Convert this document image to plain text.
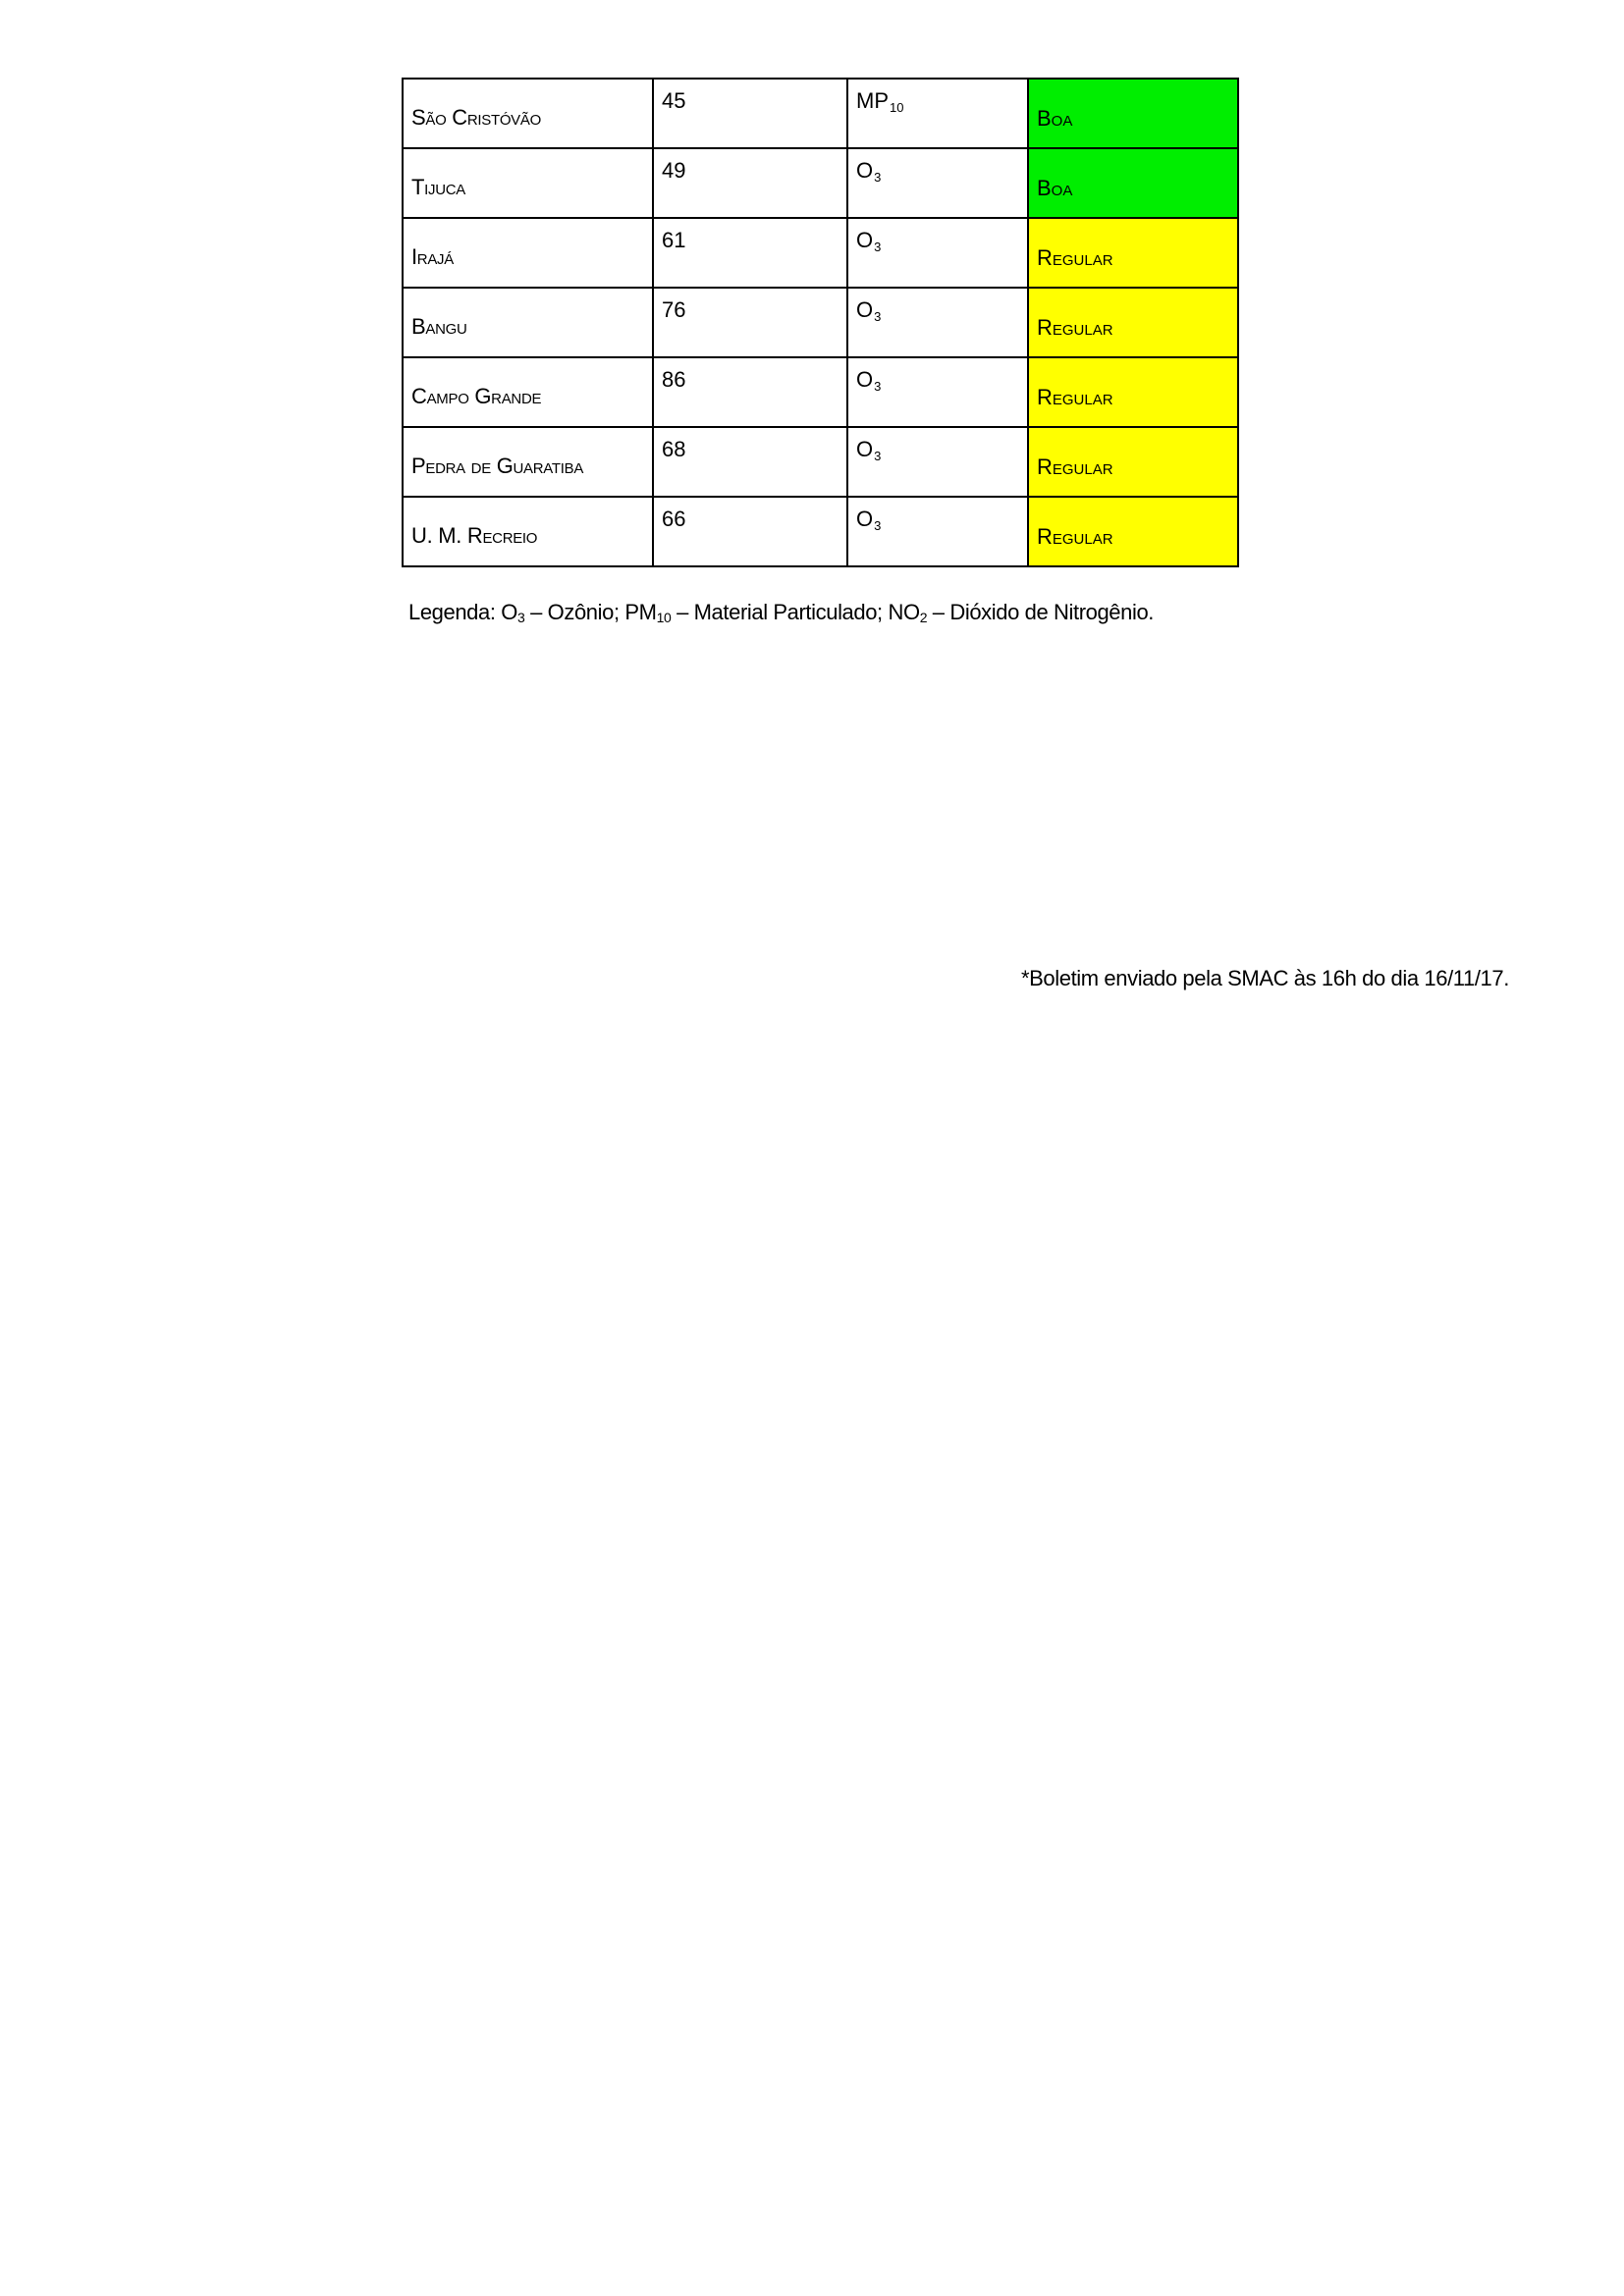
São Cristóvão	45	$MP_{10}$	Boa

Tijuca	49	$O_3$	Boa

Irajá	61	$O_3$	Regular

Bangu	76	$O_3$	Regular

Campo Grande	86	$O_3$	Regular

Pedra de Guaratiba	68	$O_3$	Regular

U. M. Recreio	66	$O_3$	Regular
Legenda: $O_3$ – Ozônio; $PM_{10}$ – Material Particulado; $NO_2$ – Dióxido de Nitrogênio.
*Boletim enviado pela SMAC às 16h do dia 16/11/17.
